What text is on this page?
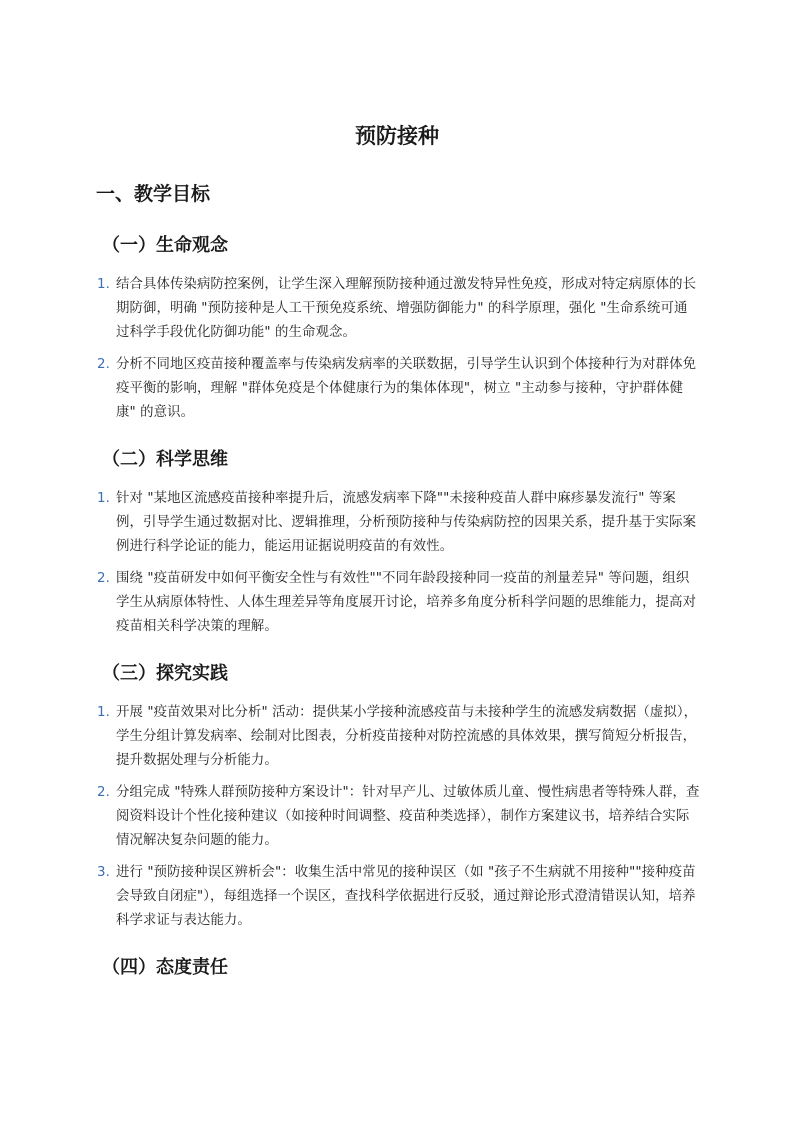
预防接种
一、教学目标
（一）生命观念
1. 结合具体传染病防控案例，让学生深入理解预防接种通过激发特异性免疫，形成对特定病原体的长期防御，明确 "预防接种是人工干预免疫系统、增强防御能力" 的科学原理，强化 "生命系统可通过科学手段优化防御功能" 的生命观念。
2. 分析不同地区疫苗接种覆盖率与传染病发病率的关联数据，引导学生认识到个体接种行为对群体免疫平衡的影响，理解 "群体免疫是个体健康行为的集体体现"，树立 "主动参与接种，守护群体健康" 的意识。
（二）科学思维
1. 针对 "某地区流感疫苗接种率提升后，流感发病率下降""未接种疫苗人群中麻疹暴发流行" 等案例，引导学生通过数据对比、逻辑推理，分析预防接种与传染病防控的因果关系，提升基于实际案例进行科学论证的能力，能运用证据说明疫苗的有效性。
2. 围绕 "疫苗研发中如何平衡安全性与有效性""不同年龄段接种同一疫苗的剂量差异" 等问题，组织学生从病原体特性、人体生理差异等角度展开讨论，培养多角度分析科学问题的思维能力，提高对疫苗相关科学决策的理解。
（三）探究实践
1. 开展 "疫苗效果对比分析" 活动：提供某小学接种流感疫苗与未接种学生的流感发病数据（虚拟），学生分组计算发病率、绘制对比图表，分析疫苗接种对防控流感的具体效果，撰写简短分析报告，提升数据处理与分析能力。
2. 分组完成 "特殊人群预防接种方案设计"：针对早产儿、过敏体质儿童、慢性病患者等特殊人群，查阅资料设计个性化接种建议（如接种时间调整、疫苗种类选择），制作方案建议书，培养结合实际情况解决复杂问题的能力。
3. 进行 "预防接种误区辨析会"：收集生活中常见的接种误区（如 "孩子不生病就不用接种""接种疫苗会导致自闭症"），每组选择一个误区，查找科学依据进行反驳，通过辩论形式澄清错误认知，培养科学求证与表达能力。
（四）态度责任
